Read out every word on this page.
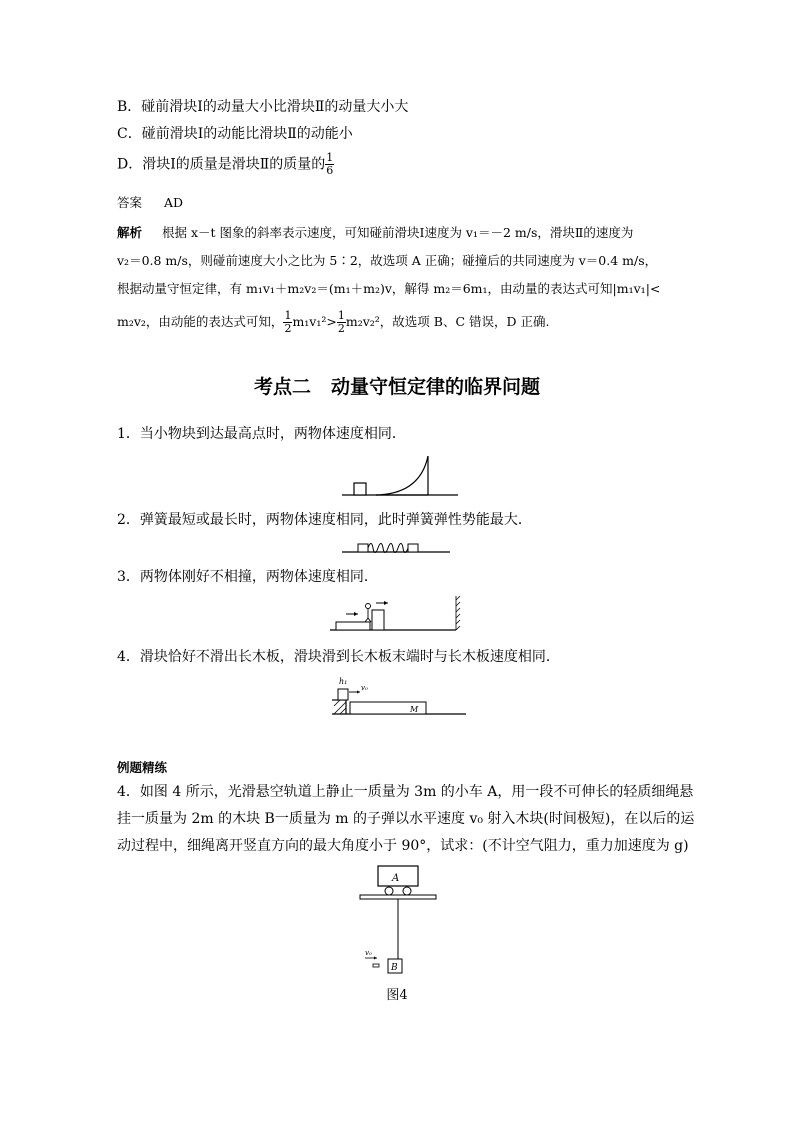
B．碰前滑块Ⅰ的动量大小比滑块Ⅱ的动量大小大
C．碰前滑块Ⅰ的动能比滑块Ⅱ的动能小
D．滑块Ⅰ的质量是滑块Ⅱ的质量的 $\frac{1}{6}$
答案 AD
解析 根据 x－t 图象的斜率表示速度，可知碰前滑块Ⅰ速度为 v₁＝－2 m/s，滑块Ⅱ的速度为
v₂＝0.8 m/s，则碰前速度大小之比为 5∶2，故选项 A 正确；碰撞后的共同速度为 v＝0.4 m/s，
根据动量守恒定律，有 m₁v₁＋m₂v₂＝(m₁＋m₂)v，解得 m₂＝6m₁，由动量的表达式可知|m₁v₁|<
m₂v₂，由动能的表达式可知， $\frac{1}{2} m_1v_1^2> \frac{1}{2} m_2v_2^2$，故选项 B、C 错误，D 正确.
考点二 动量守恒定律的临界问题
1．当小物块到达最高点时，两物体速度相同．
2．弹簧最短或最长时，两物体速度相同，此时弹簧弹性势能最大．
3．两物体刚好不相撞，两物体速度相同．
4．滑块恰好不滑出长木板，滑块滑到长木板末端时与长木板速度相同．
h₁
v₀
M
例题精练
4．如图 4 所示，光滑悬空轨道上静止一质量为 3m 的小车 A，用一段不可伸长的轻质细绳悬
挂一质量为 2m 的木块 B一质量为 m 的子弹以水平速度 v₀ 射入木块(时间极短)，在以后的运
动过程中，细绳离开竖直方向的最大角度小于 90°，试求：(不计空气阻力，重力加速度为 g)
A
B
v₀
图4
